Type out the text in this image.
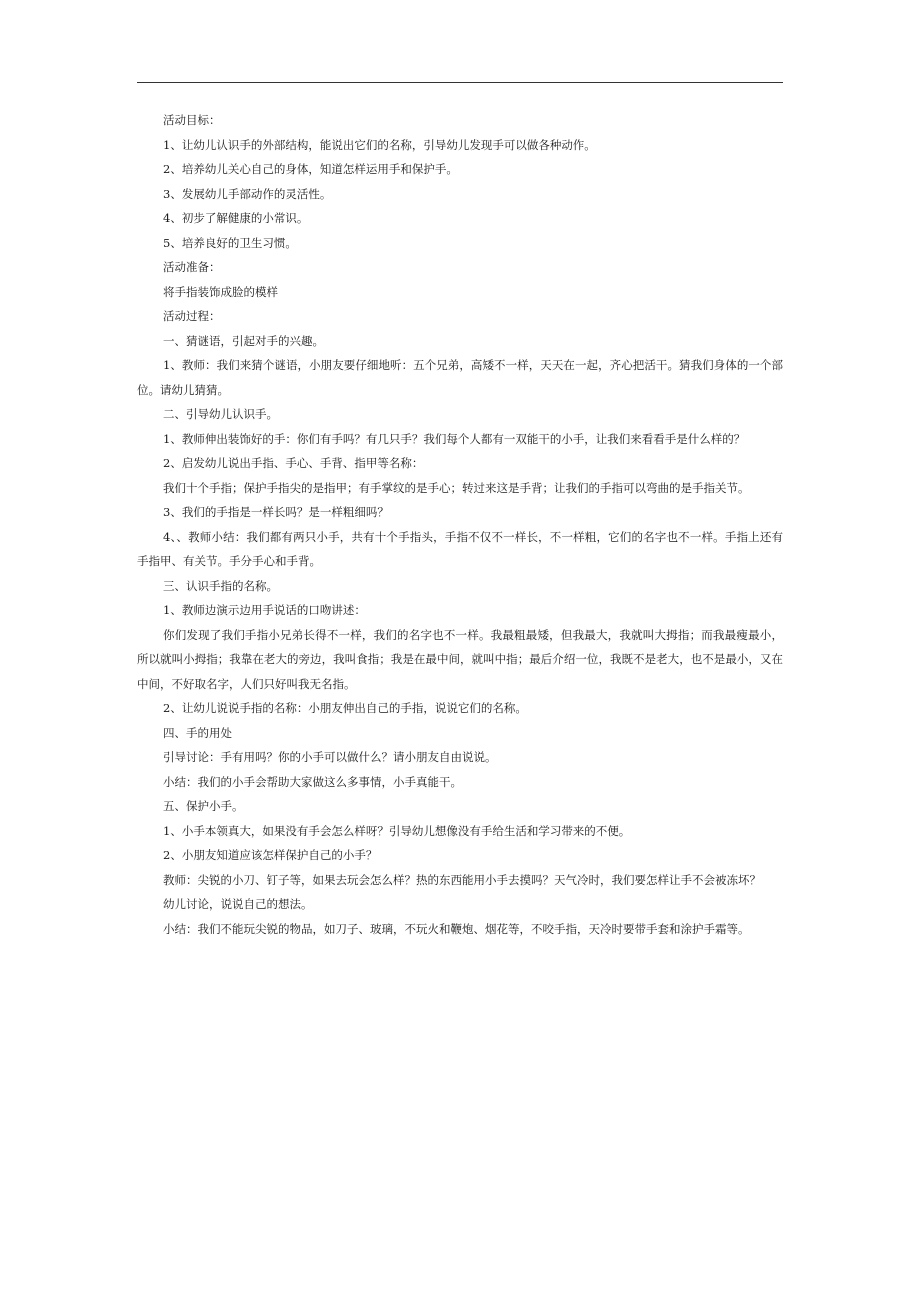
活动目标：

1、让幼儿认识手的外部结构，能说出它们的名称，引导幼儿发现手可以做各种动作。

2、培养幼儿关心自己的身体，知道怎样运用手和保护手。

3、发展幼儿手部动作的灵活性。

4、初步了解健康的小常识。

5、培养良好的卫生习惯。

活动准备：

将手指装饰成脸的模样

活动过程：

一、猜谜语，引起对手的兴趣。

1、教师：我们来猜个谜语，小朋友要仔细地听：五个兄弟，高矮不一样，天天在一起，齐心把活干。猜我们身体的一个部位。请幼儿猜猜。

二、引导幼儿认识手。

1、教师伸出装饰好的手：你们有手吗？有几只手？我们每个人都有一双能干的小手，让我们来看看手是什么样的？

2、启发幼儿说出手指、手心、手背、指甲等名称：

我们十个手指；保护手指尖的是指甲；有手掌纹的是手心；转过来这是手背；让我们的手指可以弯曲的是手指关节。

3、我们的手指是一样长吗？是一样粗细吗？

4、、教师小结：我们都有两只小手，共有十个手指头，手指不仅不一样长，不一样粗，它们的名字也不一样。手指上还有手指甲、有关节。手分手心和手背。

三、认识手指的名称。

1、教师边演示边用手说话的口吻讲述：

你们发现了我们手指小兄弟长得不一样，我们的名字也不一样。我最粗最矮，但我最大，我就叫大拇指；而我最瘦最小，所以就叫小拇指；我靠在老大的旁边，我叫食指；我是在最中间，就叫中指；最后介绍一位，我既不是老大，也不是最小，又在中间，不好取名字，人们只好叫我无名指。

2、让幼儿说说手指的名称：小朋友伸出自己的手指，说说它们的名称。

四、手的用处

引导讨论：手有用吗？你的小手可以做什么？请小朋友自由说说。

小结：我们的小手会帮助大家做这么多事情，小手真能干。

五、保护小手。

1、小手本领真大，如果没有手会怎么样呀？引导幼儿想像没有手给生活和学习带来的不便。

2、小朋友知道应该怎样保护自己的小手？

教师：尖锐的小刀、钉子等，如果去玩会怎么样？热的东西能用小手去摸吗？天气冷时，我们要怎样让手不会被冻坏？

幼儿讨论，说说自己的想法。

小结：我们不能玩尖锐的物品，如刀子、玻璃，不玩火和鞭炮、烟花等，不咬手指，天冷时要带手套和涂护手霜等。
